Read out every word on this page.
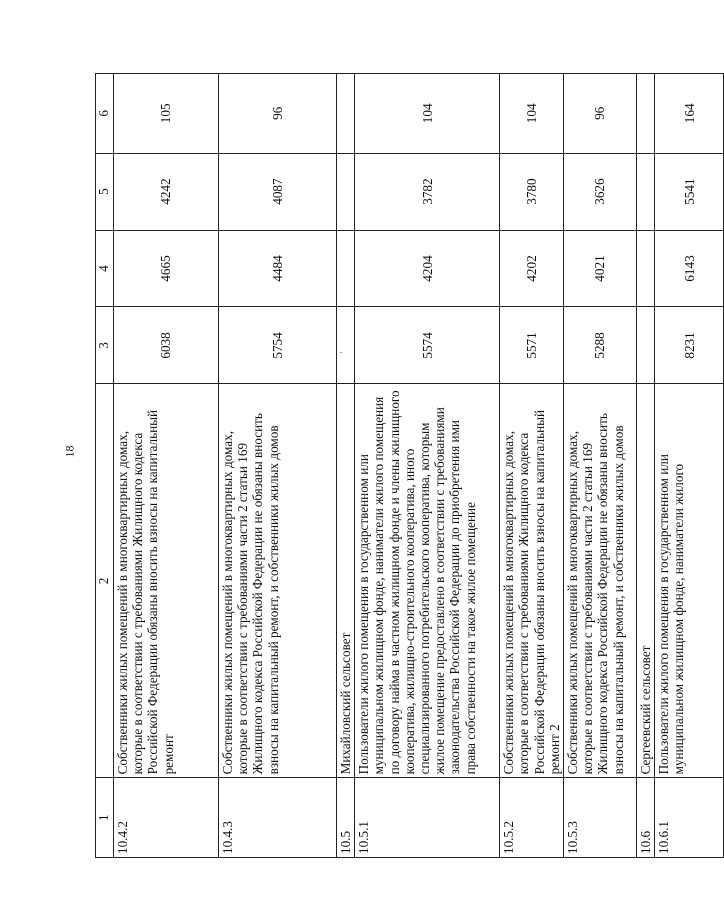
18
1	2	3	4	5	6
10.4.2	Собственники жилых помещений в многоквартирных домах, которые в соответствии с требованиями Жилищного кодекса Российской Федерации обязаны вносить взносы на капитальный ремонт	6038	4665	4242	105
10.4.3	Собственники жилых помещений в многоквартирных домах, которые в соответствии с требованиями части 2 статьи 169 Жилищного кодекса Российской Федерации не обязаны вносить взносы на капитальный ремонт, и собственники жилых домов	5754	4484	4087	96
10.5	Михайловский сельсовет				
10.5.1	Пользователи жилого помещения в государственном или муниципальном жилищном фонде, наниматели жилого помещения по договору найма в частном жилищном фонде и члены жилищного кооператива, жилищно-строительного кооператива, иного специализированного потребительского кооператива, которым жилое помещение предоставлено в соответствии с требованиями законодательства Российской Федерации до приобретения ими права собственности на такое жилое помещение	5574	4204	3782	104
10.5.2	Собственники жилых помещений в многоквартирных домах, которые в соответствии с требованиями Жилищного кодекса Российской Федерации обязаны вносить взносы на капитальный ремонт 2	5571	4202	3780	104
10.5.3	Собственники жилых помещений в многоквартирных домах, которые в соответствии с требованиями части 2 статьи 169 Жилищного кодекса Российской Федерации не обязаны вносить взносы на капитальный ремонт, и собственники жилых домов	5288	4021	3626	96
10.6	Сергеевский сельсовет				
10.6.1	Пользователи жилого помещения в государственном или муниципальном жилищном фонде, наниматели жилого	8231	6143	5541	164
